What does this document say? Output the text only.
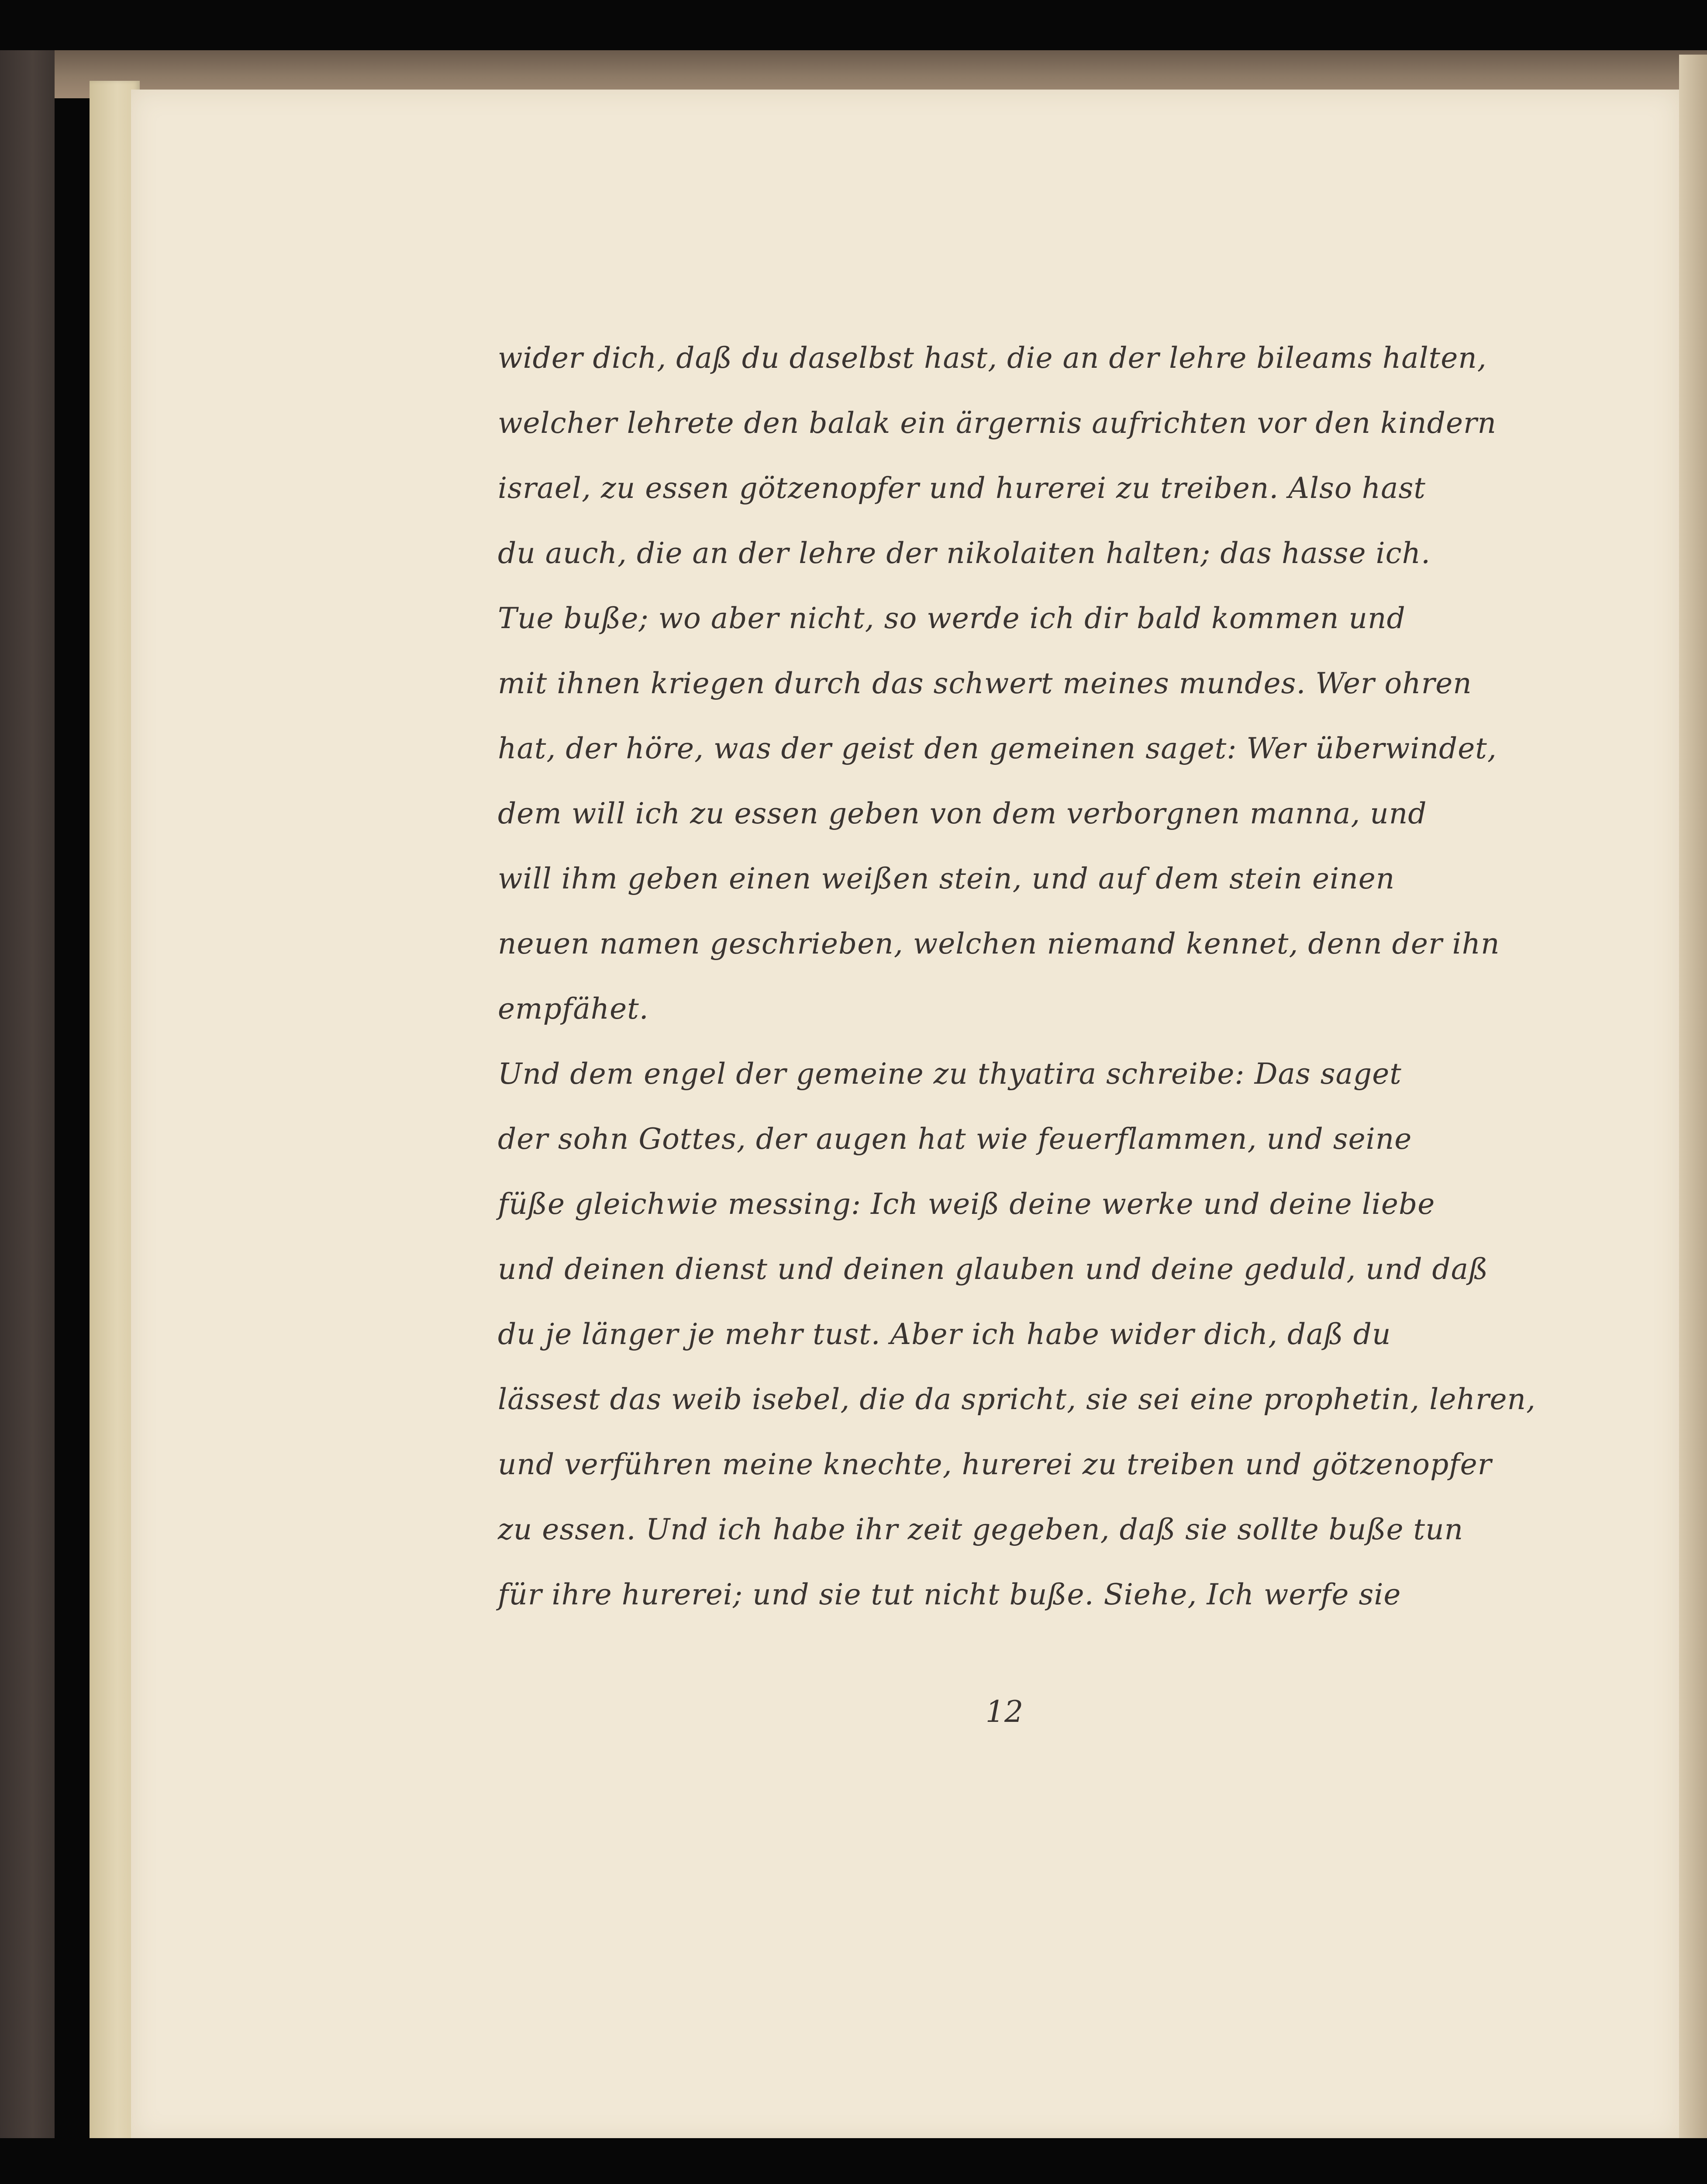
wider dich, daß du daselbst hast, die an der lehre bileams halten,
welcher lehrete den balak ein ärgernis aufrichten vor den kindern
israel, zu essen götzenopfer und hurerei zu treiben. Also hast
du auch, die an der lehre der nikolaiten halten; das hasse ich.
Tue buße; wo aber nicht, so werde ich dir bald kommen und
mit ihnen kriegen durch das schwert meines mundes. Wer ohren
hat, der höre, was der geist den gemeinen saget: Wer überwindet,
dem will ich zu essen geben von dem verborgnen manna, und
will ihm geben einen weißen stein, und auf dem stein einen
neuen namen geschrieben, welchen niemand kennet, denn der ihn
empfähet.
Und dem engel der gemeine zu thyatira schreibe: Das saget
der sohn Gottes, der augen hat wie feuerflammen, und seine
füße gleichwie messing: Ich weiß deine werke und deine liebe
und deinen dienst und deinen glauben und deine geduld, und daß
du je länger je mehr tust. Aber ich habe wider dich, daß du
lässest das weib isebel, die da spricht, sie sei eine prophetin, lehren,
und verführen meine knechte, hurerei zu treiben und götzenopfer
zu essen. Und ich habe ihr zeit gegeben, daß sie sollte buße tun
für ihre hurerei; und sie tut nicht buße. Siehe, Ich werfe sie
12
